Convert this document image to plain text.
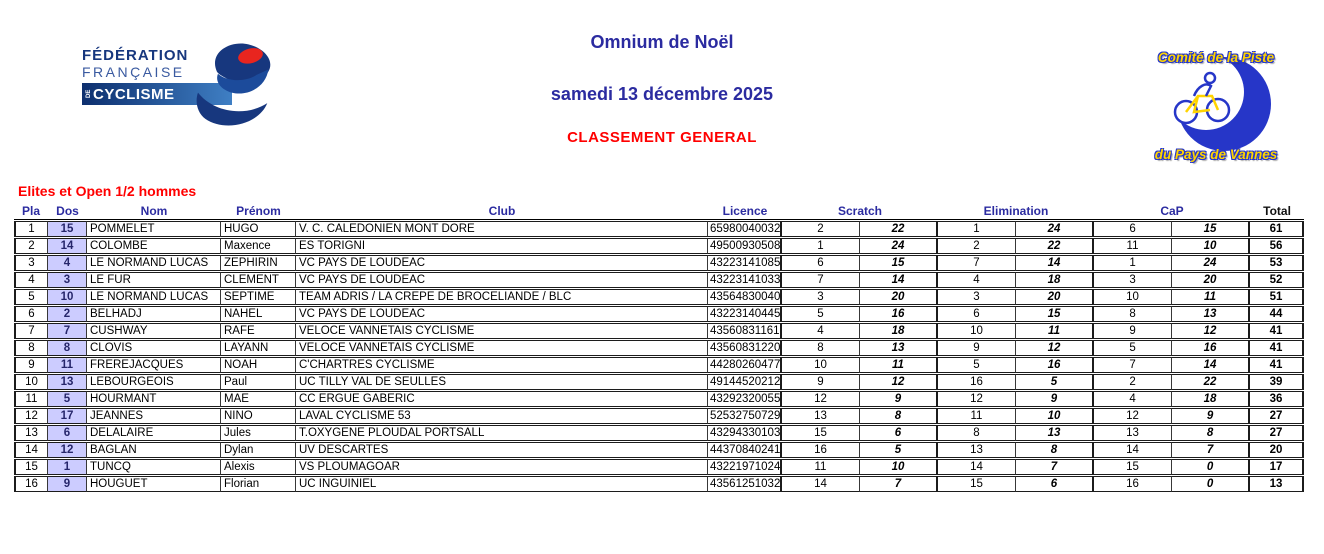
FÉDÉRATION
FRANÇAISE
DE CYCLISME
Omnium de Noël
samedi 13 décembre 2025
CLASSEMENT GENERAL
Comité de la Piste
du Pays de Vannes
Elites et Open 1/2 hommes
Pla	Dos	Nom	Prénom	Club	Licence	Scratch		Elimination		CaP		Total
1	15	POMMELET	HUGO	V. C. CALEDONIEN MONT DORE	65980040032	2	22	1	24	6	15	61
2	14	COLOMBE	Maxence	ES TORIGNI	49500930508	1	24	2	22	11	10	56
3	4	LE NORMAND LUCAS	ZEPHIRIN	VC PAYS DE LOUDEAC	43223141085	6	15	7	14	1	24	53
4	3	LE FUR	CLEMENT	VC PAYS DE LOUDEAC	43223141033	7	14	4	18	3	20	52
5	10	LE NORMAND LUCAS	SEPTIME	TEAM ADRIS / LA CREPE DE BROCELIANDE / BLC	43564830040	3	20	3	20	10	11	51
6	2	BELHADJ	NAHEL	VC PAYS DE LOUDEAC	43223140445	5	16	6	15	8	13	44
7	7	CUSHWAY	RAFE	VELOCE VANNETAIS CYCLISME	43560831161	4	18	10	11	9	12	41
8	8	CLOVIS	LAYANN	VELOCE VANNETAIS CYCLISME	43560831220	8	13	9	12	5	16	41
9	11	FREREJACQUES	NOAH	C'CHARTRES CYCLISME	44280260477	10	11	5	16	7	14	41
10	13	LEBOURGEOIS	Paul	UC TILLY VAL DE SEULLES	49144520212	9	12	16	5	2	22	39
11	5	HOURMANT	MAE	CC ERGUE GABERIC	43292320055	12	9	12	9	4	18	36
12	17	JEANNES	NINO	LAVAL CYCLISME 53	52532750729	13	8	11	10	12	9	27
13	6	DELALAIRE	Jules	T.OXYGENE PLOUDAL PORTSALL	43294330103	15	6	8	13	13	8	27
14	12	BAGLAN	Dylan	UV DESCARTES	44370840241	16	5	13	8	14	7	20
15	1	TUNCQ	Alexis	VS PLOUMAGOAR	43221971024	11	10	14	7	15	0	17
16	9	HOUGUET	Florian	UC INGUINIEL	43561251032	14	7	15	6	16	0	13
